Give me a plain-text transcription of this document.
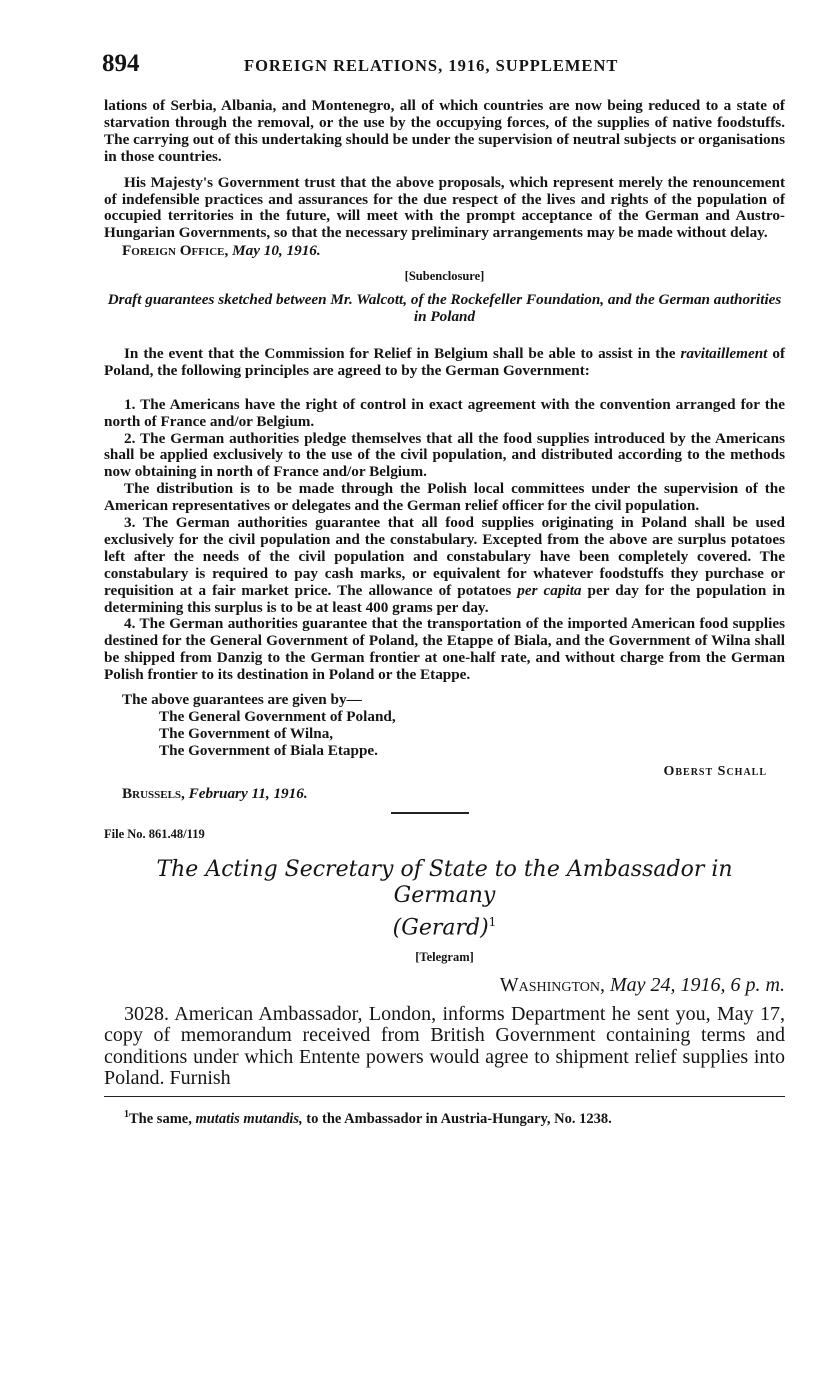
894	FOREIGN RELATIONS, 1916, SUPPLEMENT

lations of Serbia, Albania, and Montenegro, all of which countries are now being reduced to a state of starvation through the removal, or the use by the occupying forces, of the supplies of native foodstuffs. The carrying out of this undertaking should be under the supervision of neutral subjects or organisations in those countries.

His Majesty's Government trust that the above proposals, which represent merely the renouncement of indefensible practices and assurances for the due respect of the lives and rights of the population of occupied territories in the future, will meet with the prompt acceptance of the German and Austro-Hungarian Governments, so that the necessary preliminary arrangements may be made without delay.

Foreign Office, May 10, 1916.

[Subenclosure]

Draft guarantees sketched between Mr. Walcott, of the Rockefeller Foundation, and the German authorities in Poland

In the event that the Commission for Relief in Belgium shall be able to assist in the ravitaillement of Poland, the following principles are agreed to by the German Government:

1. The Americans have the right of control in exact agreement with the convention arranged for the north of France and/or Belgium.

2. The German authorities pledge themselves that all the food supplies introduced by the Americans shall be applied exclusively to the use of the civil population, and distributed according to the methods now obtaining in north of France and/or Belgium.

The distribution is to be made through the Polish local committees under the supervision of the American representatives or delegates and the German relief officer for the civil population.

3. The German authorities guarantee that all food supplies originating in Poland shall be used exclusively for the civil population and the constabulary. Excepted from the above are surplus potatoes left after the needs of the civil population and constabulary have been completely covered. The constabulary is required to pay cash marks, or equivalent for whatever foodstuffs they purchase or requisition at a fair market price. The allowance of potatoes per capita per day for the population in determining this surplus is to be at least 400 grams per day.

4. The German authorities guarantee that the transportation of the imported American food supplies destined for the General Government of Poland, the Etappe of Biala, and the Government of Wilna shall be shipped from Danzig to the German frontier at one-half rate, and without charge from the German Polish frontier to its destination in Poland or the Etappe.

The above guarantees are given by—

The General Government of Poland,

The Government of Wilna,

The Government of Biala Etappe.

Oberst Schall

Brussels, February 11, 1916.

File No. 861.48/119

The Acting Secretary of State to the Ambassador in Germany
(Gerard)$^1$

[Telegram]

Washington, May 24, 1916, 6 p. m.

3028. American Ambassador, London, informs Department he sent you, May 17, copy of memorandum received from British Government containing terms and conditions under which Entente powers would agree to shipment relief supplies into Poland. Furnish

$^1$The same, mutatis mutandis, to the Ambassador in Austria-Hungary, No. 1238.
